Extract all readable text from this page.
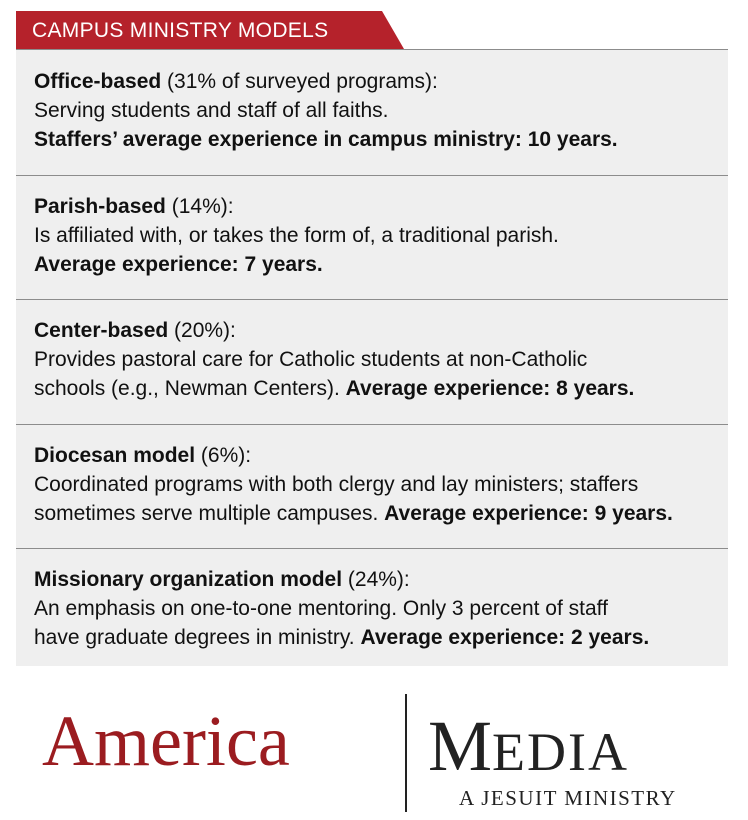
CAMPUS MINISTRY MODELS

Office-based (31% of surveyed programs):

Serving students and staff of all faiths.

Staffers’ average experience in campus ministry: 10 years.

Parish-based (14%):

Is affiliated with, or takes the form of, a traditional parish.

Average experience: 7 years.

Center-based (20%):

Provides pastoral care for Catholic students at non-Catholic

schools (e.g., Newman Centers). Average experience: 8 years.

Diocesan model (6%):

Coordinated programs with both clergy and lay ministers; staffers

sometimes serve multiple campuses. Average experience: 9 years.

Missionary organization model (24%):

An emphasis on one-to-one mentoring. Only 3 percent of staff

have graduate degrees in ministry. Average experience: 2 years.

America MEDIA
A JESUIT MINISTRY
